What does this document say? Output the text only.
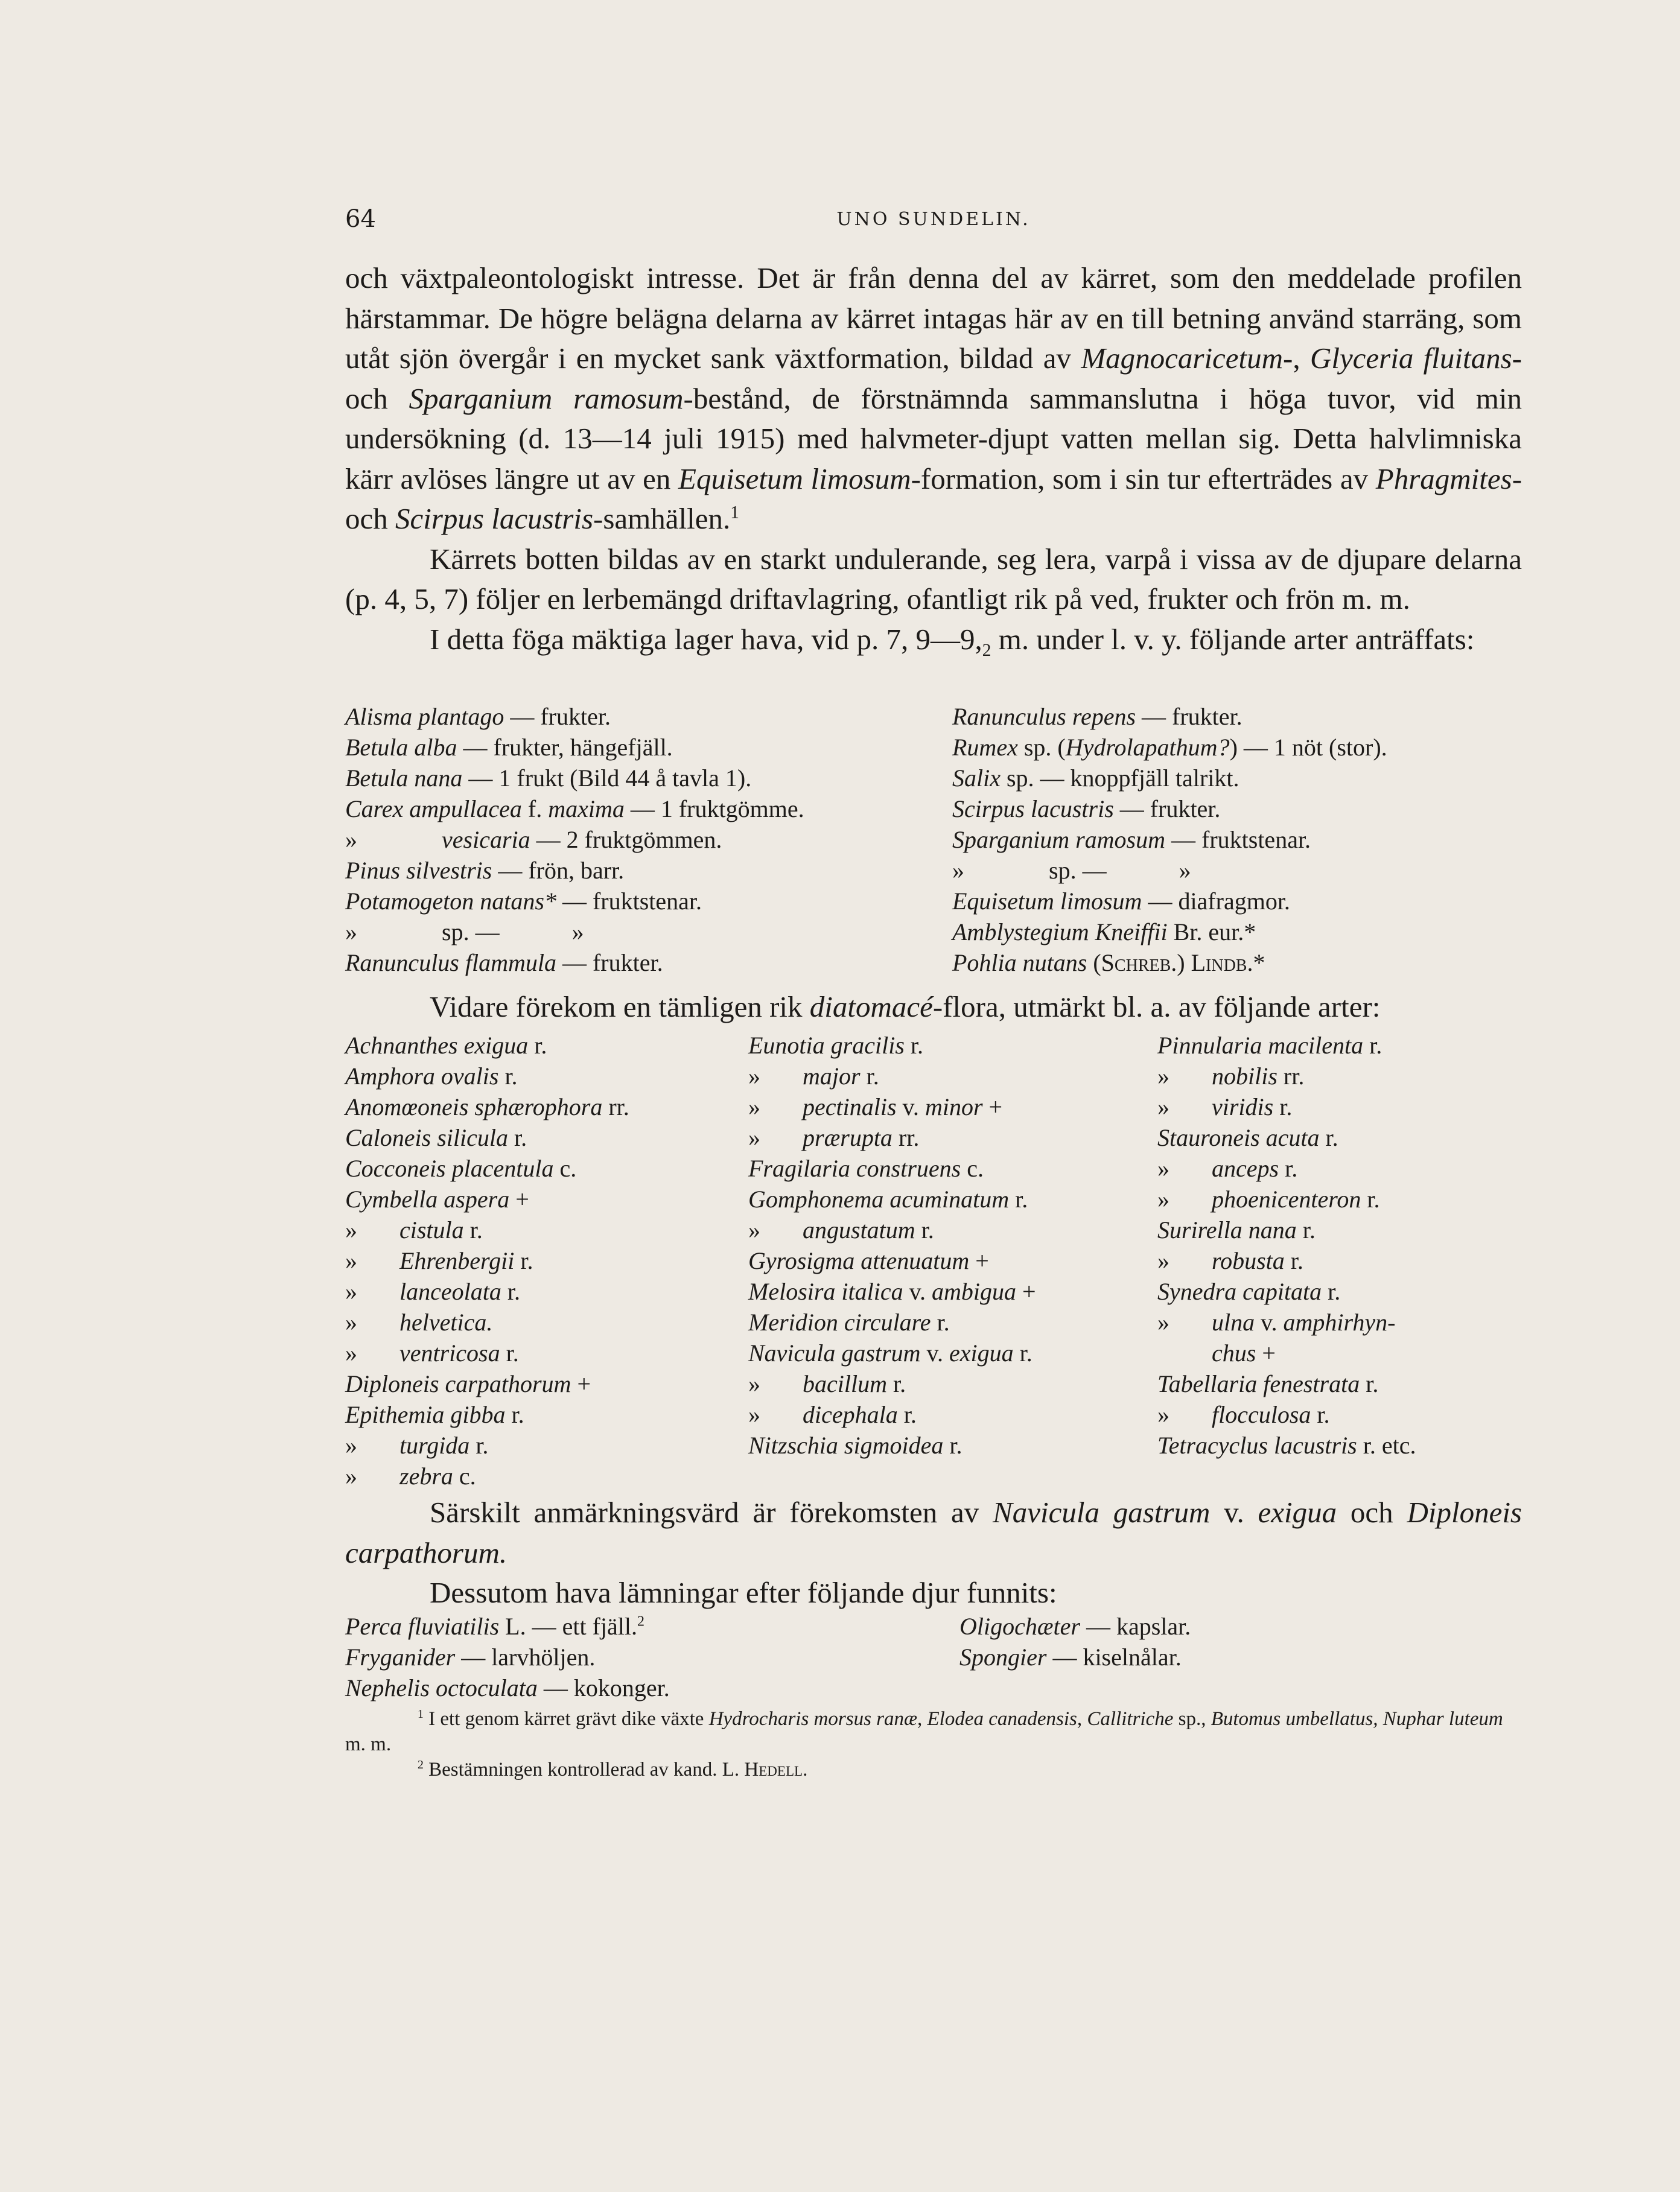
64	UNO SUNDELIN.

och växtpaleontologiskt intresse. Det är från denna del av kärret, som den meddelade profilen härstammar. De högre belägna delarna av kärret intagas här av en till betning använd starräng, som utåt sjön övergår i en mycket sank växtformation, bildad av Magnocaricetum-, Glyceria fluitans- och Sparganium ramosum-bestånd, de förstnämnda sammanslutna i höga tuvor, vid min undersökning (d. 13—14 juli 1915) med halvmeter-djupt vatten mellan sig. Detta halvlimniska kärr avlöses längre ut av en Equisetum limosum-formation, som i sin tur efterträdes av Phragmites- och Scirpus lacustris-samhällen.$^1$

Kärrets botten bildas av en starkt undulerande, seg lera, varpå i vissa av de djupare delarna (p. 4, 5, 7) följer en lerbemängd driftavlagring, ofantligt rik på ved, frukter och frön m. m.

I detta föga mäktiga lager hava, vid p. 7, $9—9,_2$ m. under l. v. y. följande arter anträffats:

Alisma plantago — frukter.
Betula alba — frukter, hängefjäll.
Betula nana — 1 frukt (Bild 44 å tavla 1).
Carex ampullacea f. maxima — 1 fruktgömme.
»	vesicaria — 2 fruktgömmen.
Pinus silvestris — frön, barr.
Potamogeton natans* — fruktstenar.
»	sp. —	»
Ranunculus flammula — frukter.
Ranunculus repens — frukter.
Rumex sp. (Hydrolapathum?) — 1 nöt (stor).
Salix sp. — knoppfjäll talrikt.
Scirpus lacustris — frukter.
Sparganium ramosum — fruktstenar.
»	sp. —	»
Equisetum limosum — diafragmor.
Amblystegium Kneiffii Br. eur.*
Pohlia nutans (Schreb.) Lindb.*

Vidare förekom en tämligen rik diatomacé-flora, utmärkt bl. a. av följande arter:

Achnanthes exigua r.
Amphora ovalis r.
Anomœoneis sphærophora rr.
Caloneis silicula r.
Cocconeis placentula c.
Cymbella aspera +
» cistula r.
» Ehrenbergii r.
» lanceolata r.
» helvetica.
» ventricosa r.
Diploneis carpathorum +
Epithemia gibba r.
» turgida r.
» zebra c.
Eunotia gracilis r.
» major r.
» pectinalis v. minor +
» prærupta rr.
Fragilaria construens c.
Gomphonema acuminatum r.
» angustatum r.
Gyrosigma attenuatum +
Melosira italica v. ambigua +
Meridion circulare r.
Navicula gastrum v. exigua r.
» bacillum r.
» dicephala r.
Nitzschia sigmoidea r.
Pinnularia macilenta r.
» nobilis rr.
» viridis r.
Stauroneis acuta r.
» anceps r.
» phoenicenteron r.
Surirella nana r.
» robusta r.
Synedra capitata r.
» ulna v. amphirhyn-
chus +
Tabellaria fenestrata r.
» flocculosa r.
Tetracyclus lacustris r. etc.

Särskilt anmärkningsvärd är förekomsten av Navicula gastrum v. exigua och Diploneis carpathorum.

Dessutom hava lämningar efter följande djur funnits:

Perca fluviatilis L. — ett fjäll.$^2$
Fryganider — larvhöljen.
Nephelis octoculata — kokonger.
Oligochæter — kapslar.
Spongier — kiselnålar.
$^1$ I ett genom kärret grävt dike växte Hydrocharis morsus ranæ, Elodea canadensis, Callitriche sp., Butomus umbellatus, Nuphar luteum m. m.
$^2$ Bestämningen kontrollerad av kand. L. Hedell.
